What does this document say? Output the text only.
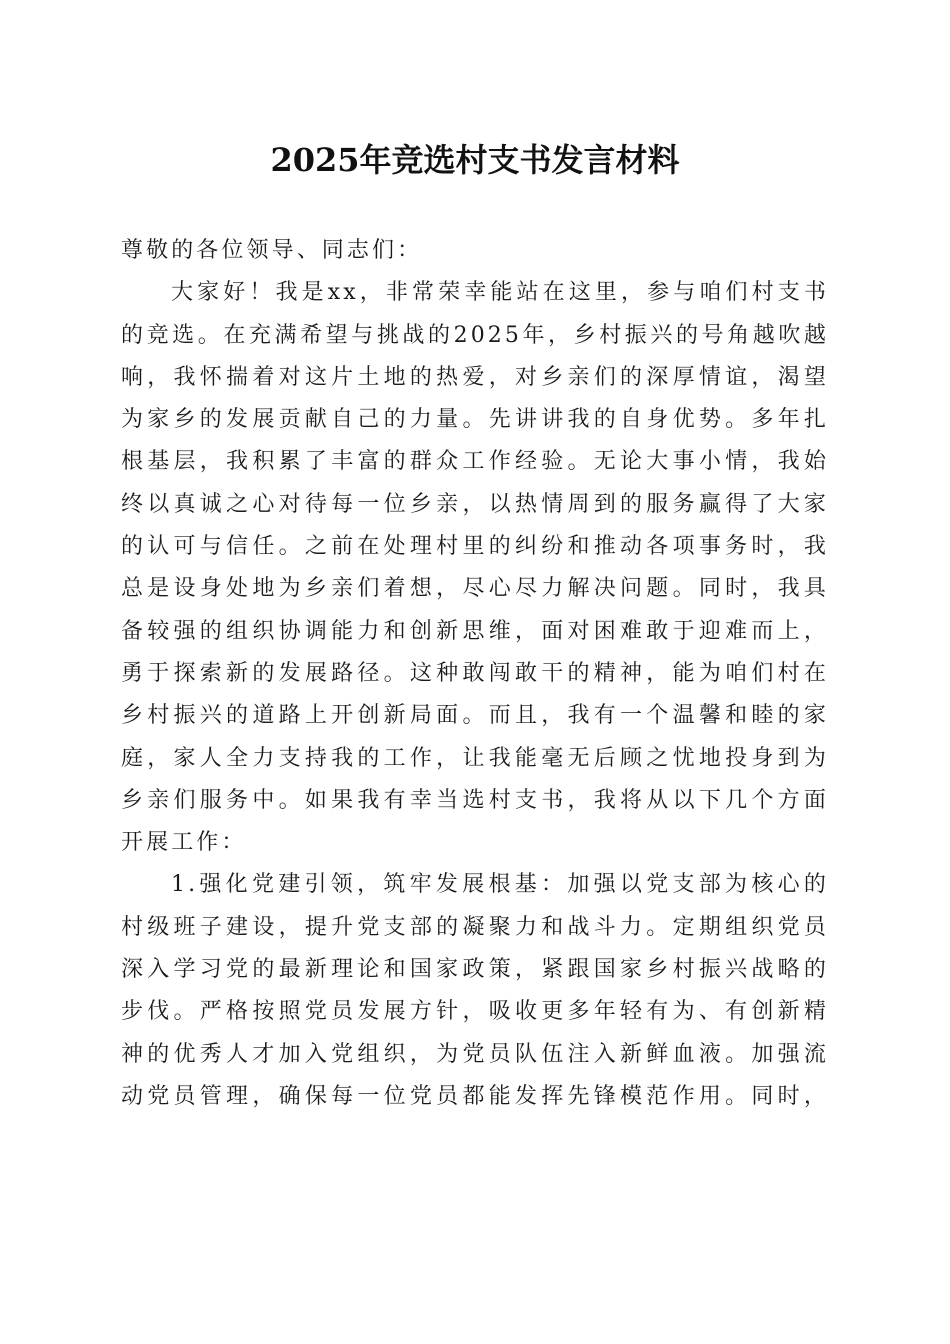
2025年竞选村支书发言材料
尊敬的各位领导、同志们：
大家好！我是xx，非常荣幸能站在这里，参与咱们村支书
的竞选。在充满希望与挑战的2025年，乡村振兴的号角越吹越
响，我怀揣着对这片土地的热爱，对乡亲们的深厚情谊，渴望
为家乡的发展贡献自己的力量。先讲讲我的自身优势。多年扎
根基层，我积累了丰富的群众工作经验。无论大事小情，我始
终以真诚之心对待每一位乡亲，以热情周到的服务赢得了大家
的认可与信任。之前在处理村里的纠纷和推动各项事务时，我
总是设身处地为乡亲们着想，尽心尽力解决问题。同时，我具
备较强的组织协调能力和创新思维，面对困难敢于迎难而上，
勇于探索新的发展路径。这种敢闯敢干的精神，能为咱们村在
乡村振兴的道路上开创新局面。而且，我有一个温馨和睦的家
庭，家人全力支持我的工作，让我能毫无后顾之忧地投身到为
乡亲们服务中。如果我有幸当选村支书，我将从以下几个方面
开展工作：
1.强化党建引领，筑牢发展根基：加强以党支部为核心的
村级班子建设，提升党支部的凝聚力和战斗力。定期组织党员
深入学习党的最新理论和国家政策，紧跟国家乡村振兴战略的
步伐。严格按照党员发展方针，吸收更多年轻有为、有创新精
神的优秀人才加入党组织，为党员队伍注入新鲜血液。加强流
动党员管理，确保每一位党员都能发挥先锋模范作用。同时，
